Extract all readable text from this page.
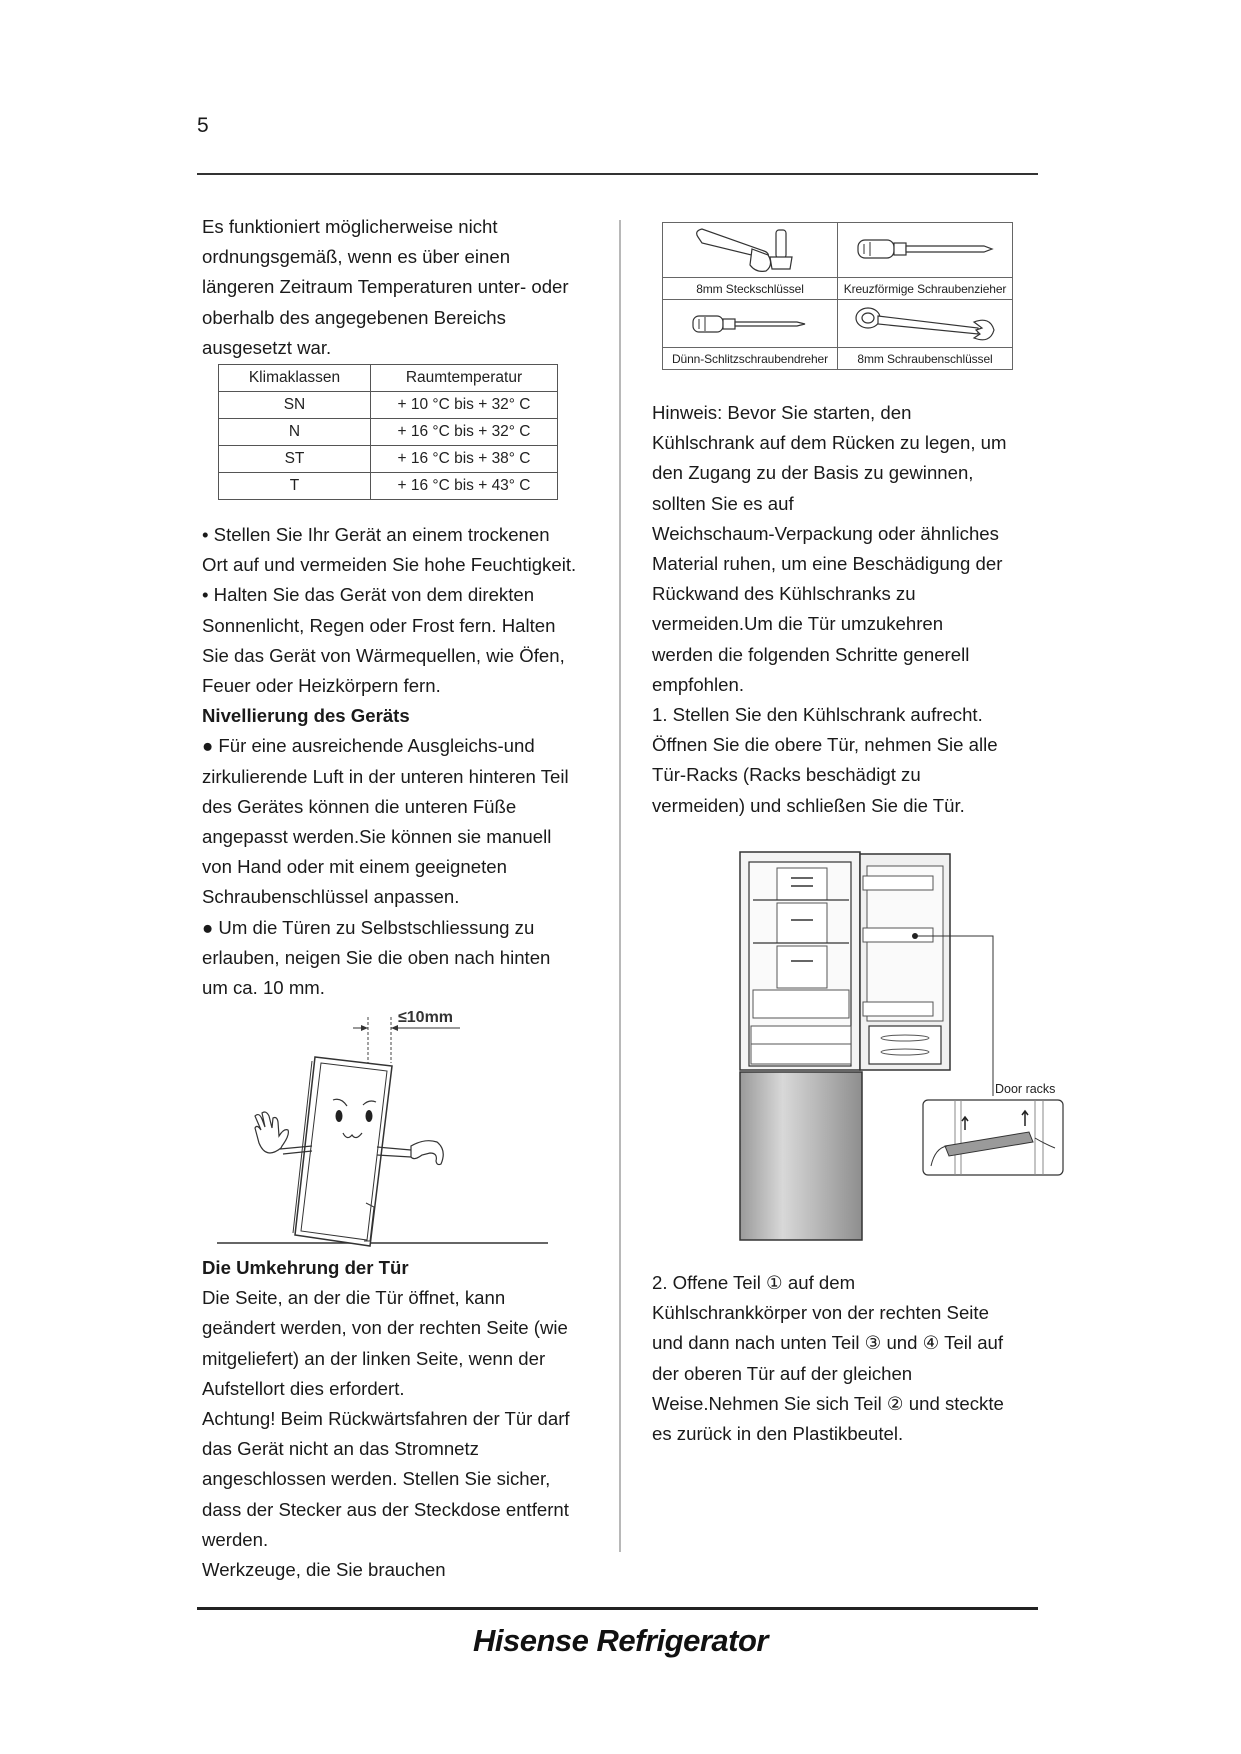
5

Es funktioniert möglicherweise nicht

ordnungsgemäß, wenn es über einen

längeren Zeitraum Temperaturen unter- oder

oberhalb des angegebenen Bereichs

ausgesetzt war.

Klimaklassen	Raumtemperatur
SN	+ 10 °C bis + 32° C
N	+ 16 °C bis + 32° C
ST	+ 16 °C bis + 38° C
T	+ 16 °C bis + 43° C

• Stellen Sie Ihr Gerät an einem trockenen

Ort auf und vermeiden Sie hohe Feuchtigkeit.

• Halten Sie das Gerät von dem direkten

Sonnenlicht, Regen oder Frost fern. Halten

Sie das Gerät von Wärmequellen, wie Öfen,

Feuer oder Heizkörpern fern.

Nivellierung des Geräts

● Für eine ausreichende Ausgleichs-und

zirkulierende Luft in der unteren hinteren Teil

des Gerätes können die unteren Füße

angepasst werden.Sie können sie manuell

von Hand oder mit einem geeigneten

Schraubenschlüssel anpassen.

● Um die Türen zu Selbstschliessung zu

erlauben, neigen Sie die oben nach hinten

um ca. 10 mm.

≤10mm

Die Umkehrung der Tür

Die Seite, an der die Tür öffnet, kann

geändert werden, von der rechten Seite (wie

mitgeliefert) an der linken Seite, wenn der

Aufstellort dies erfordert.

Achtung! Beim Rückwärtsfahren der Tür darf

das Gerät nicht an das Stromnetz

angeschlossen werden. Stellen Sie sicher,

dass der Stecker aus der Steckdose entfernt

werden.

Werkzeuge, die Sie brauchen

8mm Steckschlüssel	Kreuzförmige Schraubenzieher

Dünn-Schlitzschraubendreher	8mm Schraubenschlüssel

Hinweis: Bevor Sie starten, den

Kühlschrank auf dem Rücken zu legen, um

den Zugang zu der Basis zu gewinnen,

sollten Sie es auf

Weichschaum-Verpackung oder ähnliches

Material ruhen, um eine Beschädigung der

Rückwand des Kühlschranks zu

vermeiden.Um die Tür umzukehren

werden die folgenden Schritte generell

empfohlen.

1. Stellen Sie den Kühlschrank aufrecht.

Öffnen Sie die obere Tür, nehmen Sie alle

Tür-Racks (Racks beschädigt zu

vermeiden) und schließen Sie die Tür.

Door racks

2. Offene Teil ① auf dem

Kühlschrankkörper von der rechten Seite

und dann nach unten Teil ③ und ④ Teil auf

der oberen Tür auf der gleichen

Weise.Nehmen Sie sich Teil ② und steckte

es zurück in den Plastikbeutel.

Hisense Refrigerator
